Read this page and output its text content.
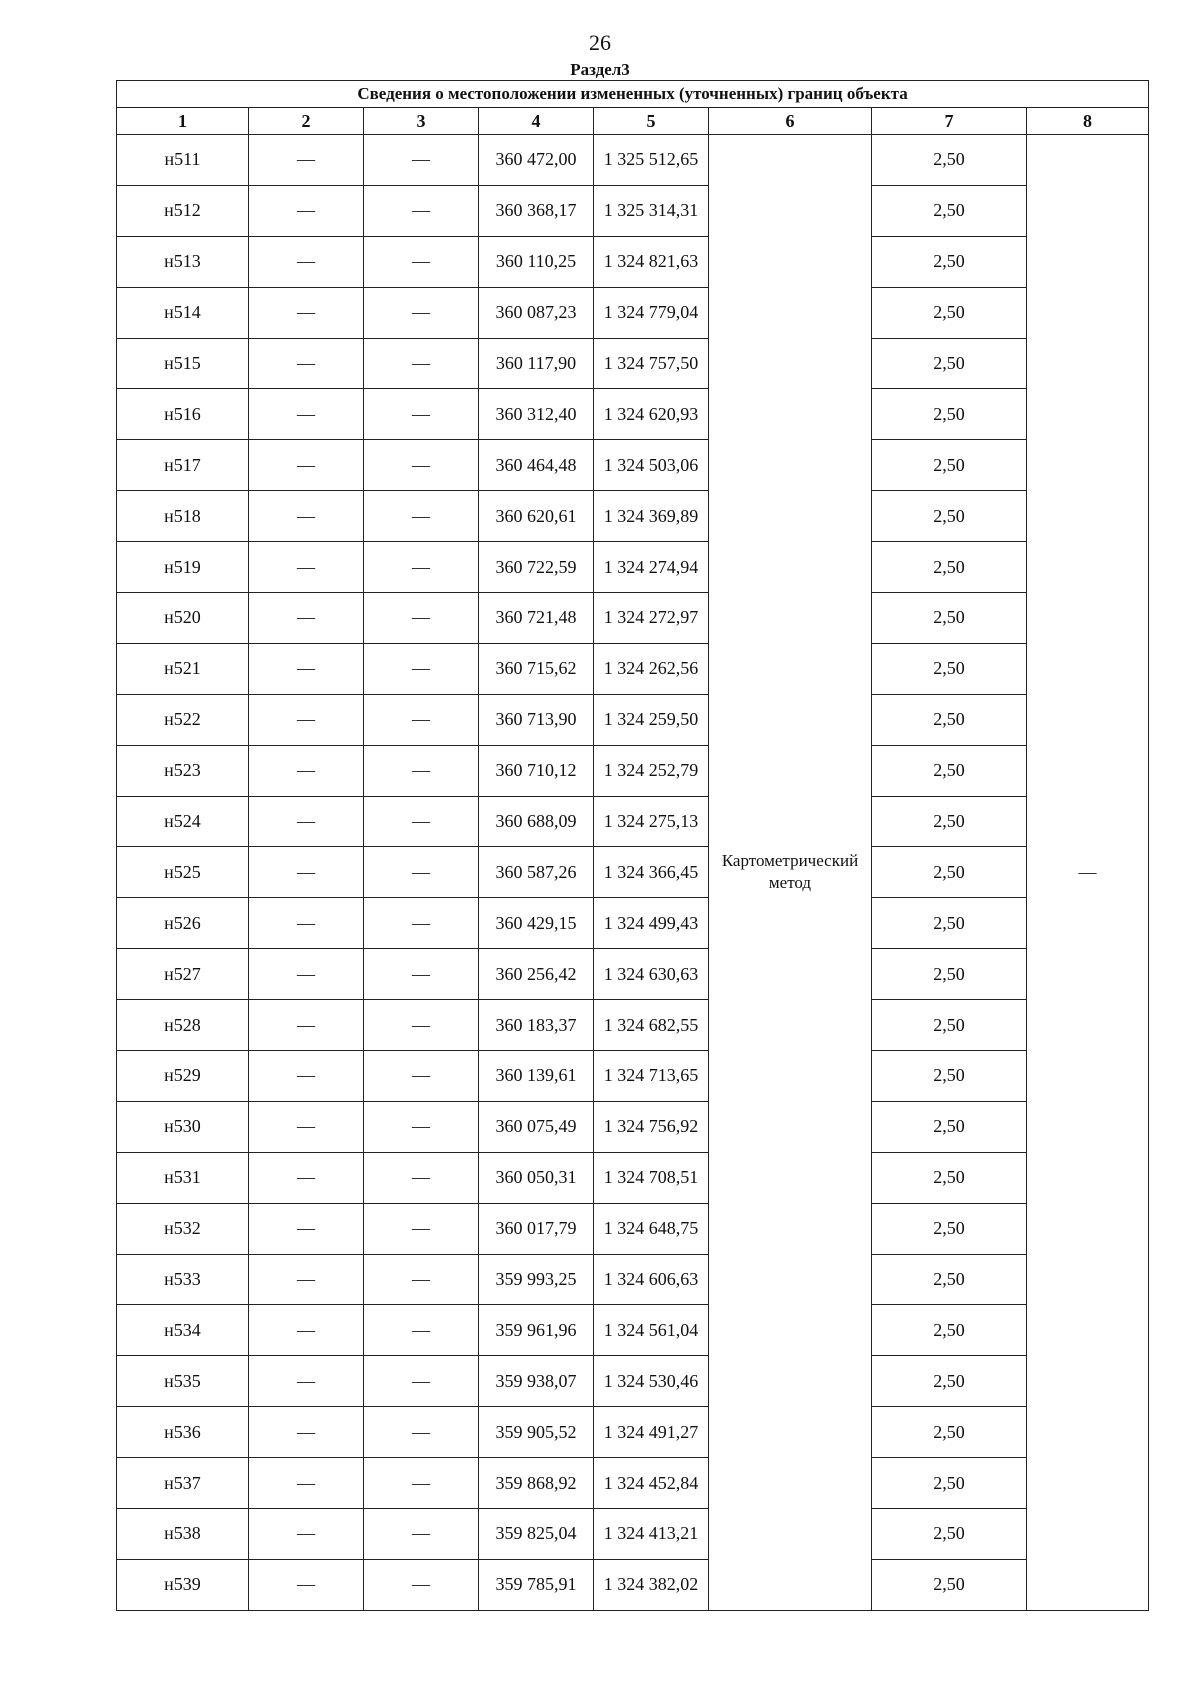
26
Раздел3
Сведения о местоположении измененных (уточненных) границ объекта							
1	2	3	4	5	6	7	8
н511	—	—	360 472,00	1 325 512,65	Картометрический метод	2,50	—
н512	—	—	360 368,17	1 325 314,31		2,50	
н513	—	—	360 110,25	1 324 821,63		2,50	
н514	—	—	360 087,23	1 324 779,04		2,50	
н515	—	—	360 117,90	1 324 757,50		2,50	
н516	—	—	360 312,40	1 324 620,93		2,50	
н517	—	—	360 464,48	1 324 503,06		2,50	
н518	—	—	360 620,61	1 324 369,89		2,50	
н519	—	—	360 722,59	1 324 274,94		2,50	
н520	—	—	360 721,48	1 324 272,97		2,50	
н521	—	—	360 715,62	1 324 262,56		2,50	
н522	—	—	360 713,90	1 324 259,50		2,50	
н523	—	—	360 710,12	1 324 252,79		2,50	
н524	—	—	360 688,09	1 324 275,13		2,50	
н525	—	—	360 587,26	1 324 366,45		2,50	
н526	—	—	360 429,15	1 324 499,43		2,50	
н527	—	—	360 256,42	1 324 630,63		2,50	
н528	—	—	360 183,37	1 324 682,55		2,50	
н529	—	—	360 139,61	1 324 713,65		2,50	
н530	—	—	360 075,49	1 324 756,92		2,50	
н531	—	—	360 050,31	1 324 708,51		2,50	
н532	—	—	360 017,79	1 324 648,75		2,50	
н533	—	—	359 993,25	1 324 606,63		2,50	
н534	—	—	359 961,96	1 324 561,04		2,50	
н535	—	—	359 938,07	1 324 530,46		2,50	
н536	—	—	359 905,52	1 324 491,27		2,50	
н537	—	—	359 868,92	1 324 452,84		2,50	
н538	—	—	359 825,04	1 324 413,21		2,50	
н539	—	—	359 785,91	1 324 382,02		2,50	
